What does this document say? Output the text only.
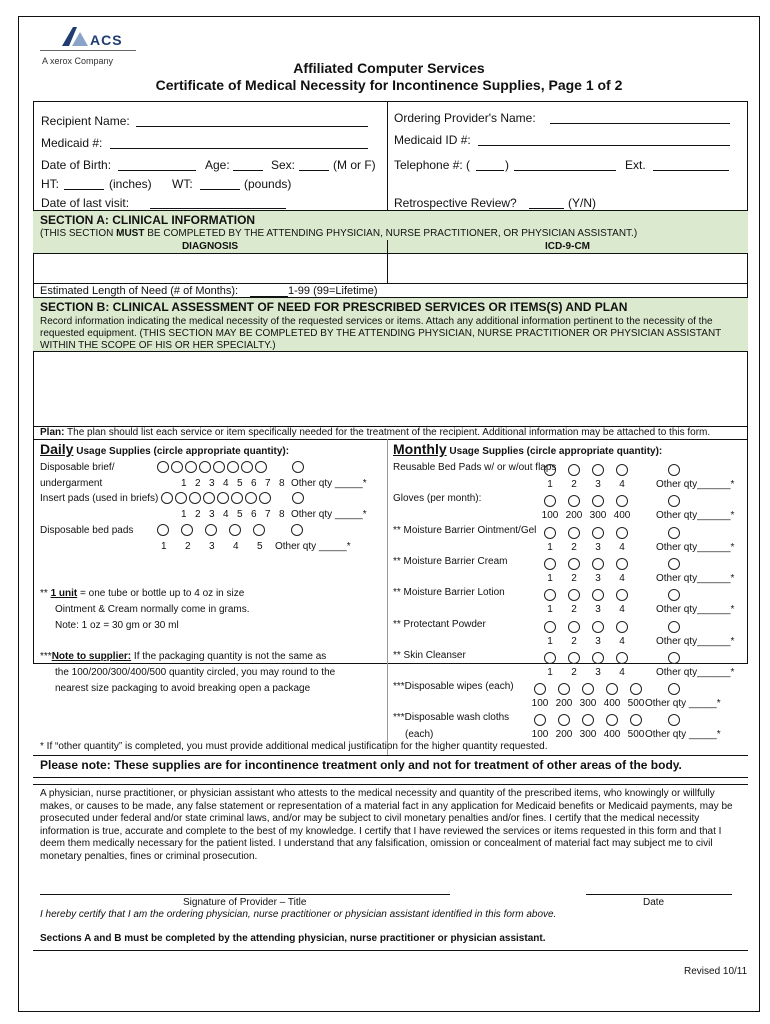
ACS
A xerox Company	Affiliated Computer Services
Certificate of Medical Necessity for Incontinence Supplies, Page 1 of 2
Recipient Name:
Medicaid #:
Date of Birth:	Age:	Sex:	(M or F)
HT:	(inches) WT:	(pounds)
Date of last visit:
Ordering Provider's Name:
Medicaid ID #:
Telephone #: (	)	Ext.
Retrospective Review?	(Y/N)
SECTION A: CLINICAL INFORMATION
(THIS SECTION MUST BE COMPLETED BY THE ATTENDING PHYSICIAN, NURSE PRACTITIONER, OR PHYSICIAN ASSISTANT.)
DIAGNOSIS	ICD-9-CM
Estimated Length of Need (# of Months):	1-99 (99=Lifetime)
SECTION B: CLINICAL ASSESSMENT OF NEED FOR PRESCRIBED SERVICES OR ITEMS(S) AND PLAN
Record information indicating the medical necessity of the requested services or items. Attach any additional information pertinent to the necessity of the
requested equipment. (THIS SECTION MAY BE COMPLETED BY THE ATTENDING PHYSICIAN, NURSE PRACTITIONER OR PHYSICIAN ASSISTANT
WITHIN THE SCOPE OF HIS OR HER SPECIALTY.)
Plan: The plan should list each service or item specifically needed for the treatment of the recipient. Additional information may be attached to this form.
Daily Usage Supplies (circle appropriate quantity):
Disposable brief/
undergarment	1 2 3 4 5 6 7 8 Other qty _____*
Insert pads (used in briefs)
1 2 3 4 5 6 7 8 Other qty _____*
Disposable bed pads
1 2 3 4 5 Other qty _____*
** 1 unit = one tube or bottle up to 4 oz in size
Ointment & Cream normally come in grams.
Note: 1 oz = 30 gm or 30 ml
***Note to supplier: If the packaging quantity is not the same as
the 100/200/300/400/500 quantity circled, you may round to the
nearest size packaging to avoid breaking open a package
Monthly Usage Supplies (circle appropriate quantity):
Reusable Bed Pads w/ or w/out flaps
1	2	3	4	Other qty______*
Gloves (per month):
100 200 300 400	Other qty______*
** Moisture Barrier Ointment/Gel
1	2	3	4	Other qty______*
** Moisture Barrier Cream
1	2	3	4	Other qty______*
** Moisture Barrier Lotion
1	2	3	4	Other qty______*
** Protectant Powder
1	2	3	4	Other qty______*
** Skin Cleanser
1	2	3	4	Other qty______*
***Disposable wipes (each)
100 200 300 400 500 Other qty _____*
***Disposable wash cloths
100 200 300 400 500 Other qty _____*
(each)
* If “other quantity” is completed, you must provide additional medical justification for the higher quantity requested.
Please note: These supplies are for incontinence treatment only and not for treatment of other areas of the body.
A physician, nurse practitioner, or physician assistant who attests to the medical necessity and quantity of the prescribed items, who knowingly or willfully
makes, or causes to be made, any false statement or representation of a material fact in any application for Medicaid benefits or Medicaid payments, may be
prosecuted under federal and/or state criminal laws, and/or may be subject to civil monetary penalties and/or fines. I certify that the medical necessity
information is true, accurate and complete to the best of my knowledge. I certify that I have reviewed the services or items requested in this form and that I
deem them medically necessary for the patient listed. I understand that any falsification, omission or concealment of material fact may subject me to civil
monetary penalties, fines or criminal prosecution.
Signature of Provider – Title	Date
I hereby certify that I am the ordering physician, nurse practitioner or physician assistant identified in this form above.
Sections A and B must be completed by the attending physician, nurse practitioner or physician assistant.
Revised 10/11
